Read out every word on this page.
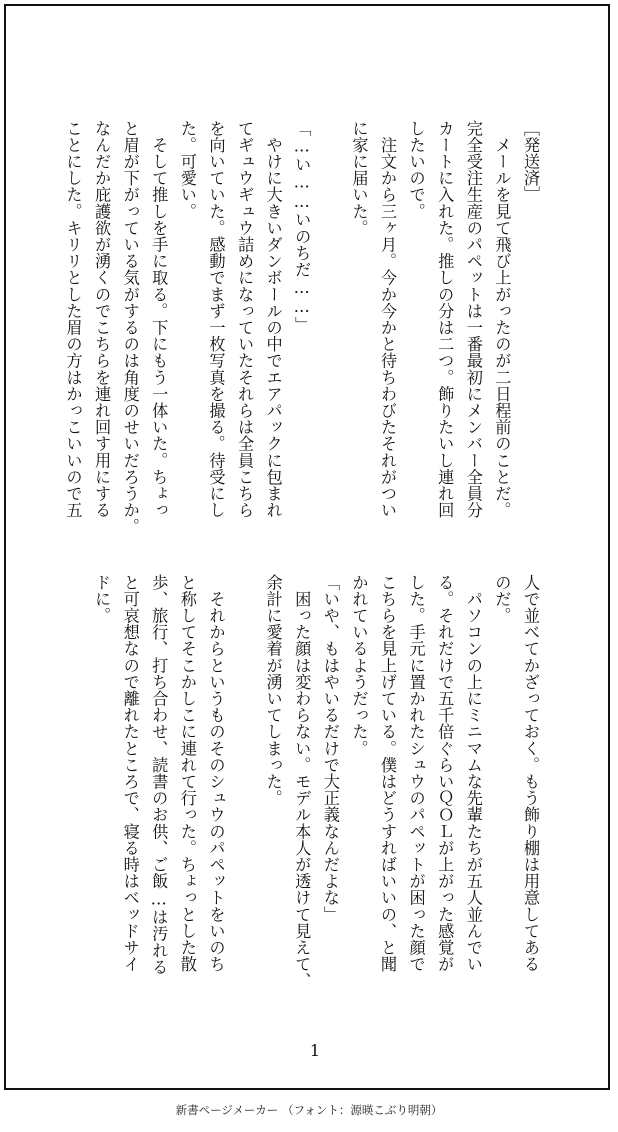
［発送済］
　メールを見て飛び上がったのが二日程前のことだ。
完全受注生産のパペットは一番最初にメンバー全員分
カートに入れた。推しの分は二つ。飾りたいし連れ回
したいので。
　注文から三ヶ月。今か今かと待ちわびたそれがつい
に家に届いた。

「…い……いのちだ……」
　やけに大きいダンボールの中でエアパックに包まれ
てギュウギュウ詰めになっていたそれらは全員こちら
を向いていた。感動でまず一枚写真を撮る。待受にし
た。可愛い。
　そして推しを手に取る。下にもう一体いた。ちょっ
と眉が下がっている気がするのは角度のせいだろうか。
なんだか庇護欲が湧くのでこちらを連れ回す用にする
ことにした。キリリとした眉の方はかっこいいので五

人で並べてかざっておく。もう飾り棚は用意してある
のだ。
　パソコンの上にミニマムな先輩たちが五人並んでい
る。それだけで五千倍ぐらいＱＯＬが上がった感覚が
した。手元に置かれたシュウのパペットが困った顔で
こちらを見上げている。僕はどうすればいいの、と聞
かれているようだった。
「いや、もはやいるだけで大正義なんだよな」
　困った顔は変わらない。モデル本人が透けて見えて、
余計に愛着が湧いてしまった。

　それからというものそのシュウのパペットをいのち
と称してそこかしこに連れて行った。ちょっとした散
歩、旅行、打ち合わせ、読書のお供、ご飯…は汚れる
と可哀想なので離れたところで、寝る時はベッドサイ
ドに。

1
新書ページメーカー （フォント：源暎こぶり明朝）
